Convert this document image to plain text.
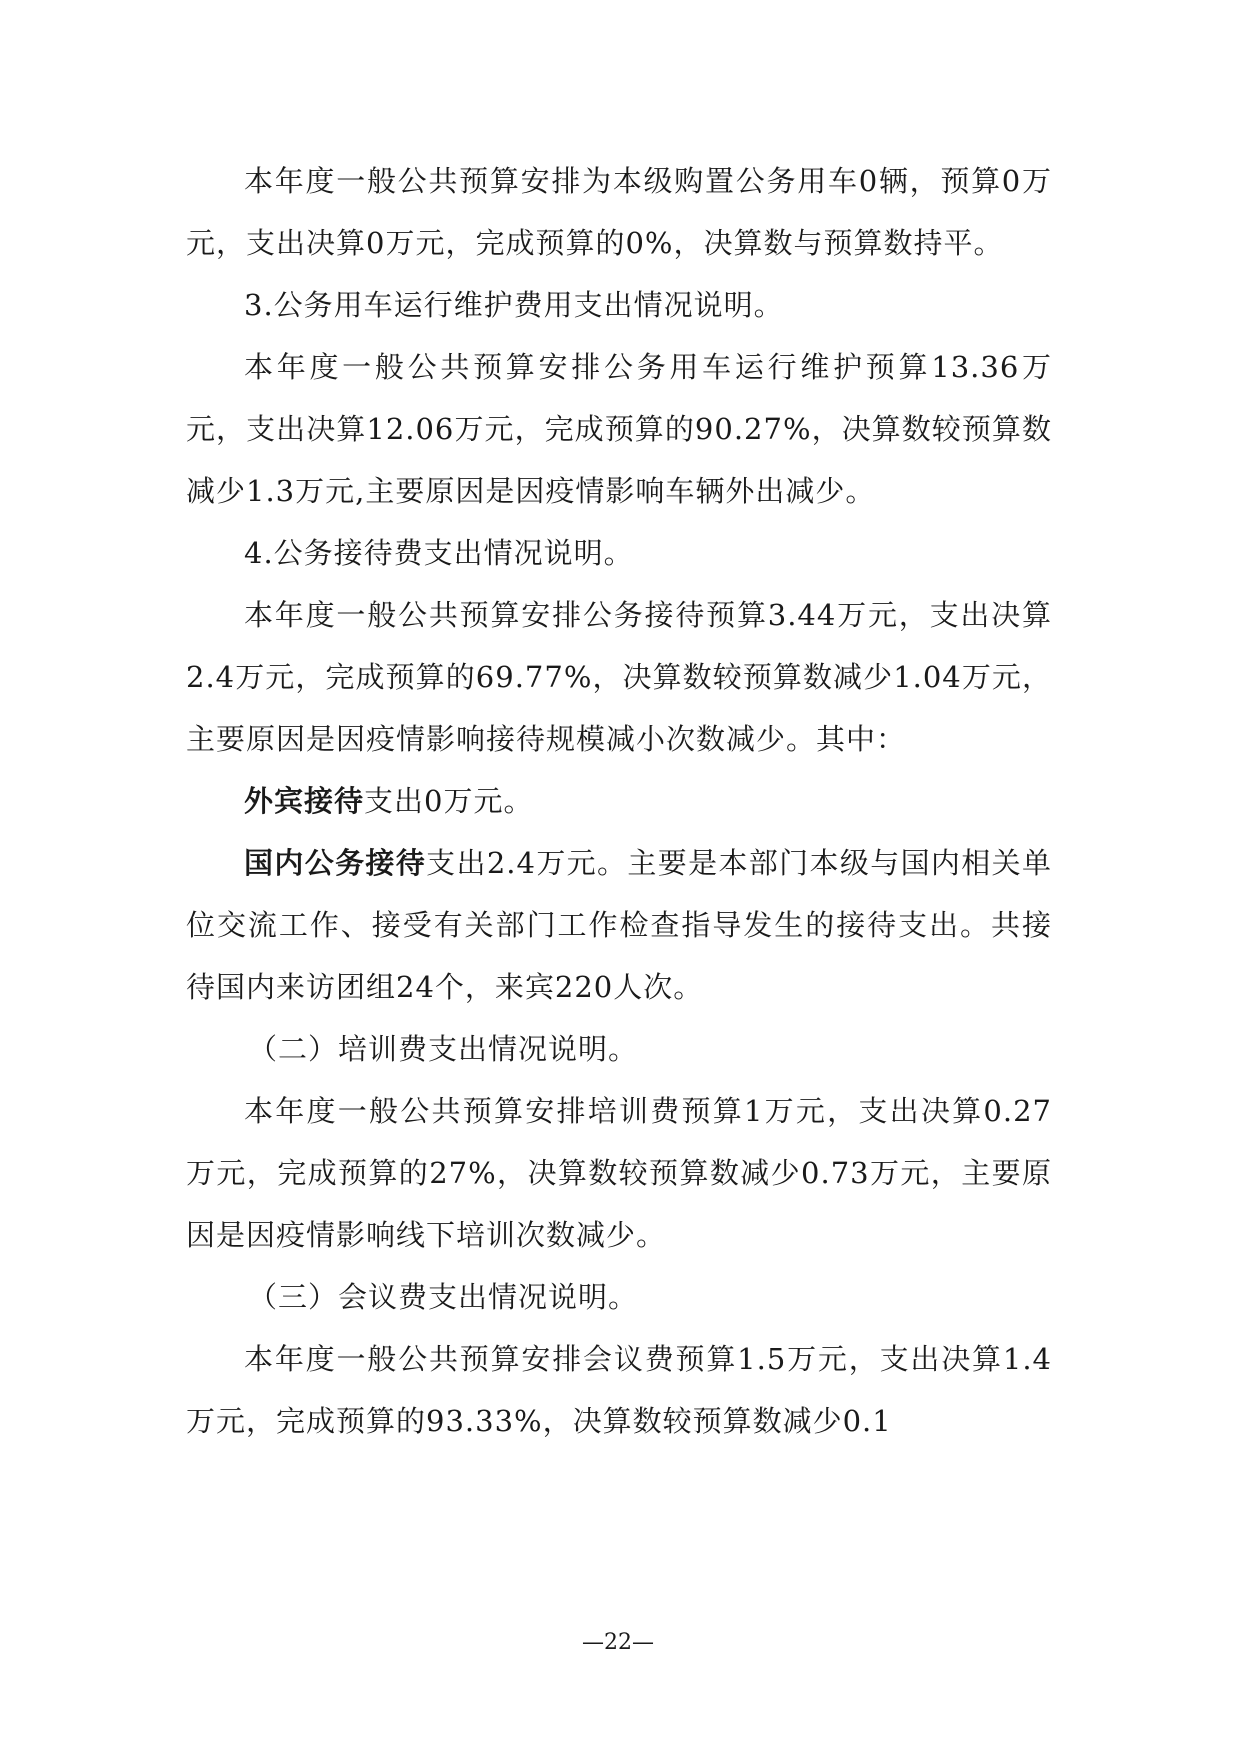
本年度一般公共预算安排为本级购置公务用车0辆，预算0万元，支出决算0万元，完成预算的0%，决算数与预算数持平。

3.公务用车运行维护费用支出情况说明。

本年度一般公共预算安排公务用车运行维护预算13.36万元，支出决算12.06万元，完成预算的90.27%，决算数较预算数减少1.3万元,主要原因是因疫情影响车辆外出减少。

4.公务接待费支出情况说明。

本年度一般公共预算安排公务接待预算3.44万元，支出决算2.4万元，完成预算的69.77%，决算数较预算数减少1.04万元，主要原因是因疫情影响接待规模减小次数减少。其中：

外宾接待支出0万元。

国内公务接待支出2.4万元。主要是本部门本级与国内相关单位交流工作、接受有关部门工作检查指导发生的接待支出。共接待国内来访团组24个，来宾220人次。

（二）培训费支出情况说明。

本年度一般公共预算安排培训费预算1万元，支出决算0.27万元，完成预算的27%，决算数较预算数减少0.73万元，主要原因是因疫情影响线下培训次数减少。

（三）会议费支出情况说明。

本年度一般公共预算安排会议费预算1.5万元，支出决算1.4万元，完成预算的93.33%，决算数较预算数减少0.1

—22—
